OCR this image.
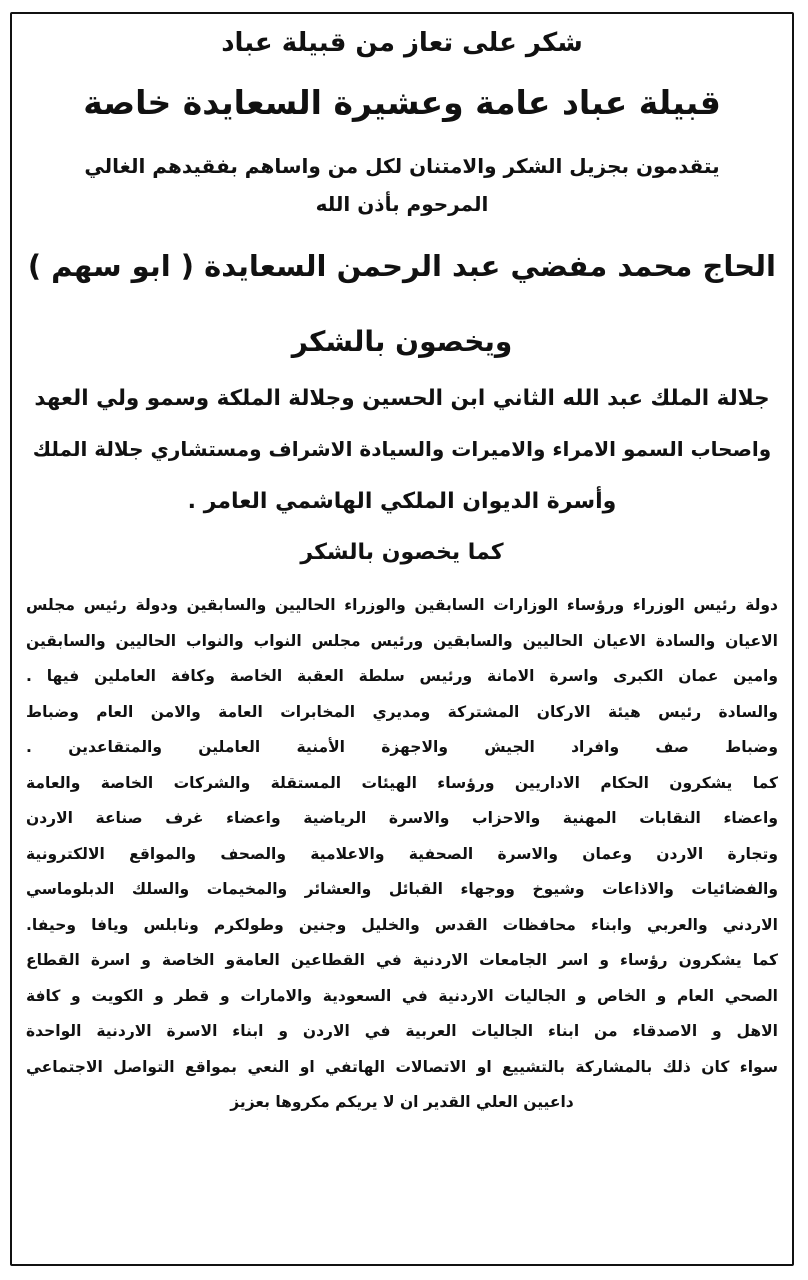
شكر على تعاز من قبيلة عباد
قبيلة عباد عامة وعشيرة السعايدة خاصة
يتقدمون بجزيل الشكر والامتنان لكل من واساهم بفقيدهم الغالي
المرحوم بأذن الله
الحاج محمد مفضي عبد الرحمن السعايدة ( ابو سهم )
ويخصون بالشكر
جلالة الملك عبد الله الثاني ابن الحسين وجلالة الملكة وسمو ولي العهد
واصحاب السمو الامراء والاميرات والسيادة الاشراف ومستشاري جلالة الملك
وأسرة الديوان الملكي الهاشمي العامر .
كما يخصون بالشكر
دولة رئيس الوزراء ورؤساء الوزارات السابقين والوزراء الحاليين والسابقين ودولة رئيس مجلس
الاعيان والسادة الاعيان الحاليين والسابقين ورئيس مجلس النواب والنواب الحاليين والسابقين
وامين عمان الكبرى واسرة الامانة ورئيس سلطة العقبة الخاصة وكافة العاملين فيها .
والسادة رئيس هيئة الاركان المشتركة ومديري المخابرات العامة والامن العام وضباط
وضباط صف وافراد الجيش والاجهزة الأمنية العاملين والمتقاعدين .
كما يشكرون الحكام الاداريين ورؤساء الهيئات المستقلة والشركات الخاصة والعامة
واعضاء النقابات المهنية والاحزاب والاسرة الرياضية واعضاء غرف صناعة الاردن
وتجارة الاردن وعمان والاسرة الصحفية والاعلامية والصحف والمواقع الالكترونية
والفضائيات والاذاعات وشيوخ ووجهاء القبائل والعشائر والمخيمات والسلك الدبلوماسي
الاردني والعربي وابناء محافظات القدس والخليل وجنين وطولكرم ونابلس ويافا وحيفا.
كما يشكرون رؤساء و اسر الجامعات الاردنية في القطاعين العامةو الخاصة و اسرة القطاع
الصحي العام و الخاص و الجاليات الاردنية في السعودية والامارات و قطر و الكويت و كافة
الاهل و الاصدقاء من ابناء الجاليات العربية في الاردن و ابناء الاسرة الاردنية الواحدة
سواء كان ذلك بالمشاركة بالتشييع او الاتصالات الهاتفي او النعي بمواقع التواصل الاجتماعي
داعيين العلي القدير ان لا يريكم مكروها بعزيز
